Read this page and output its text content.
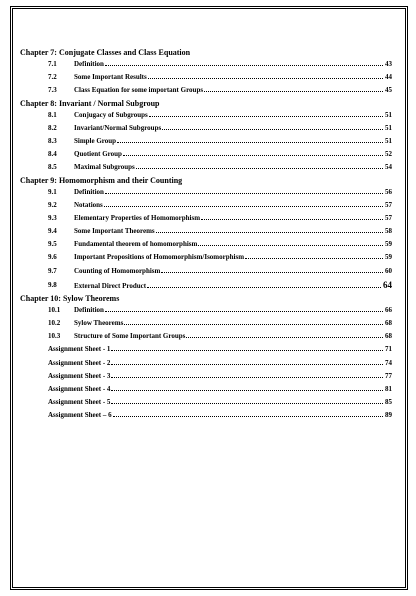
Chapter 7: Conjugate Classes and Class Equation
7.1 Definition	43
7.2 Some Important Results	44
7.3 Class Equation for some important Groups	45
Chapter 8: Invariant / Normal Subgroup
8.1 Conjugacy of Subgroups	51
8.2 Invariant/Normal Subgroups	51
8.3 Simple Group	51
8.4 Quotient Group	52
8.5 Maximal Subgroups	54
Chapter 9: Homomorphism and their Counting
9.1 Definition	56
9.2 Notations	57
9.3 Elementary Properties of Homomorphism	57
9.4 Some Important Theorems	58
9.5 Fundamental theorem of homomorphism	59
9.6 Important Propositions of Homomorphism/Isomorphism	59
9.7 Counting of Homomorphism	60
9.8 External Direct Product	64
Chapter 10: Sylow Theorems
10.1 Definition	66
10.2 Sylow Theorems	68
10.3 Structure of Some Important Groups	68
Assignment Sheet - 1	71
Assignment Sheet - 2	74
Assignment Sheet - 3	77
Assignment Sheet - 4	81
Assignment Sheet - 5	85
Assignment Sheet – 6	89
